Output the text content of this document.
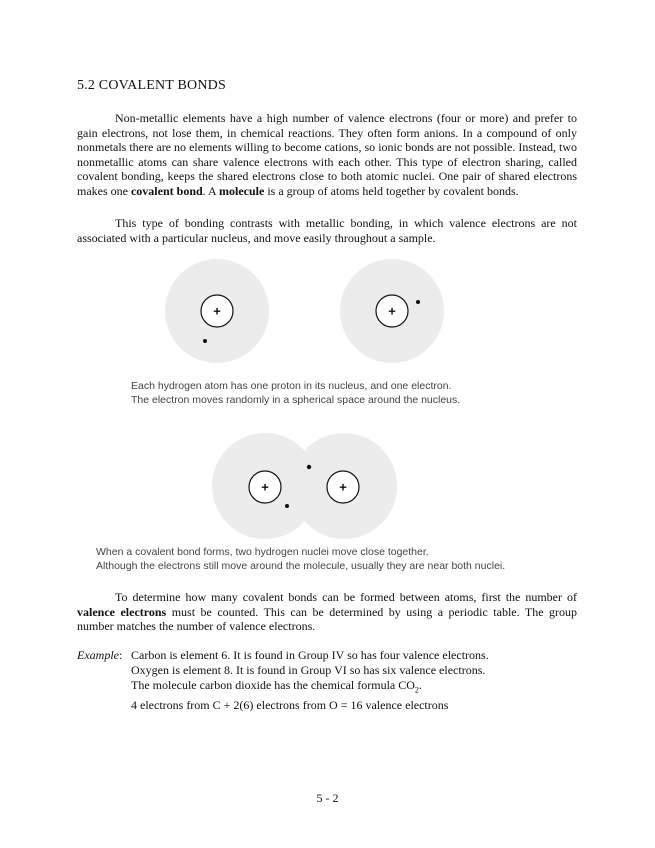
5.2 COVALENT BONDS
Non-metallic elements have a high number of valence electrons (four or more) and prefer to gain electrons, not lose them, in chemical reactions. They often form anions. In a compound of only nonmetals there are no elements willing to become cations, so ionic bonds are not possible. Instead, two nonmetallic atoms can share valence electrons with each other. This type of electron sharing, called covalent bonding, keeps the shared electrons close to both atomic nuclei. One pair of shared electrons makes one covalent bond. A molecule is a group of atoms held together by covalent bonds.
This type of bonding contrasts with metallic bonding, in which valence electrons are not associated with a particular nucleus, and move easily throughout a sample.
+	+
+	+
Each hydrogen atom has one proton in its nucleus, and one electron.
The electron moves randomly in a spherical space around the nucleus.
When a covalent bond forms, two hydrogen nuclei move close together.
Although the electrons still move around the molecule, usually they are near both nuclei.
To determine how many covalent bonds can be formed between atoms, first the number of valence electrons must be counted. This can be determined by using a periodic table. The group number matches the number of valence electrons.
Example: Carbon is element 6. It is found in Group IV so has four valence electrons.
Oxygen is element 8. It is found in Group VI so has six valence electrons.
The molecule carbon dioxide has the chemical formula $CO_2$.
4 electrons from C + 2(6) electrons from O = 16 valence electrons
5 - 2
